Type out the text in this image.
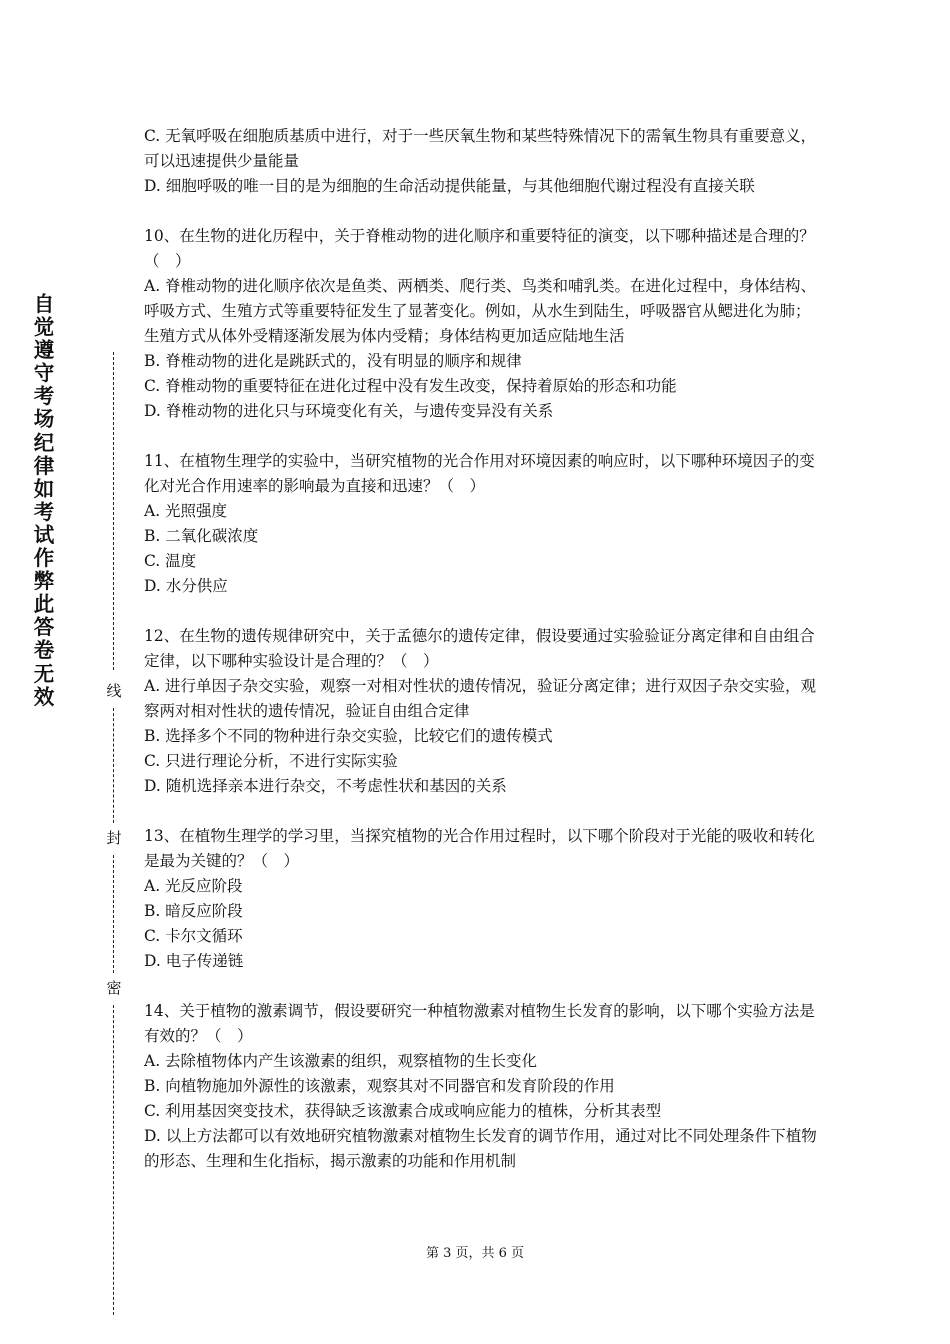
自觉遵守考场纪律如考试作弊此答卷无效	线
封
密

C. 无氧呼吸在细胞质基质中进行，对于一些厌氧生物和某些特殊情况下的需氧生物具有重要意义，可以迅速提供少量能量

D. 细胞呼吸的唯一目的是为细胞的生命活动提供能量，与其他细胞代谢过程没有直接关联

10、在生物的进化历程中，关于脊椎动物的进化顺序和重要特征的演变，以下哪种描述是合理的？（　）

A. 脊椎动物的进化顺序依次是鱼类、两栖类、爬行类、鸟类和哺乳类。在进化过程中，身体结构、呼吸方式、生殖方式等重要特征发生了显著变化。例如，从水生到陆生，呼吸器官从鳃进化为肺；生殖方式从体外受精逐渐发展为体内受精；身体结构更加适应陆地生活

B. 脊椎动物的进化是跳跃式的，没有明显的顺序和规律

C. 脊椎动物的重要特征在进化过程中没有发生改变，保持着原始的形态和功能

D. 脊椎动物的进化只与环境变化有关，与遗传变异没有关系

11、在植物生理学的实验中，当研究植物的光合作用对环境因素的响应时，以下哪种环境因子的变化对光合作用速率的影响最为直接和迅速？（　）

A. 光照强度

B. 二氧化碳浓度

C. 温度

D. 水分供应

12、在生物的遗传规律研究中，关于孟德尔的遗传定律，假设要通过实验验证分离定律和自由组合定律，以下哪种实验设计是合理的？（　）

A. 进行单因子杂交实验，观察一对相对性状的遗传情况，验证分离定律；进行双因子杂交实验，观察两对相对性状的遗传情况，验证自由组合定律

B. 选择多个不同的物种进行杂交实验，比较它们的遗传模式

C. 只进行理论分析，不进行实际实验

D. 随机选择亲本进行杂交，不考虑性状和基因的关系

13、在植物生理学的学习里，当探究植物的光合作用过程时，以下哪个阶段对于光能的吸收和转化是最为关键的？（　）

A. 光反应阶段

B. 暗反应阶段

C. 卡尔文循环

D. 电子传递链

14、关于植物的激素调节，假设要研究一种植物激素对植物生长发育的影响，以下哪个实验方法是有效的？（　）

A. 去除植物体内产生该激素的组织，观察植物的生长变化

B. 向植物施加外源性的该激素，观察其对不同器官和发育阶段的作用

C. 利用基因突变技术，获得缺乏该激素合成或响应能力的植株，分析其表型

D. 以上方法都可以有效地研究植物激素对植物生长发育的调节作用，通过对比不同处理条件下植物的形态、生理和生化指标，揭示激素的功能和作用机制

第 3 页，共 6 页
